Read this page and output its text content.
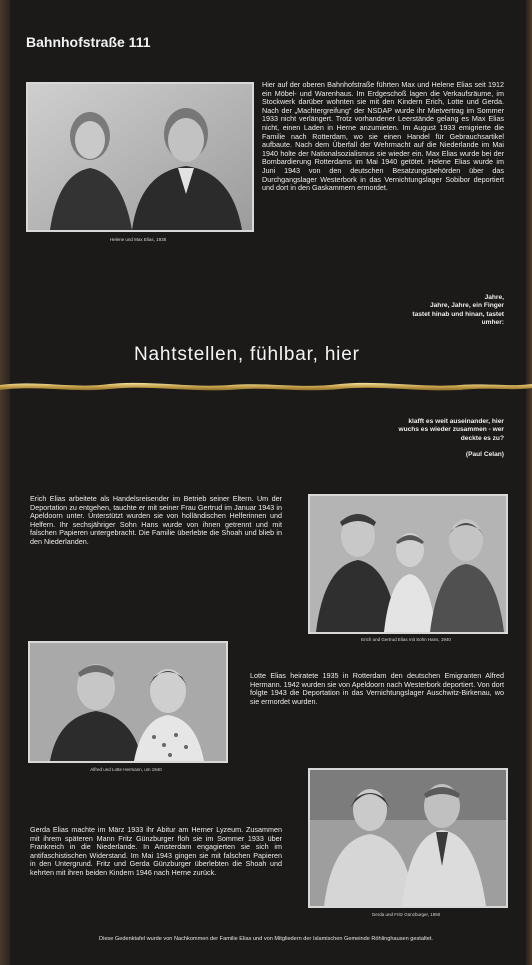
Bahnhofstraße 111
Helene und Max Elias, 1938
Hier auf der oberen Bahnhofstraße führten Max und Helene Elias seit 1912 ein Möbel- und Warenhaus. Im Erdgeschoß lagen die Verkaufsräume, im Stockwerk darüber wohnten sie mit den Kindern Erich, Lotte und Gerda. Nach der „Machtergreifung“ der NSDAP wurde ihr Mietvertrag im Sommer 1933 nicht verlängert. Trotz vorhandener Leerstände gelang es Max Elias nicht, einen Laden in Herne anzumieten. Im August 1933 emigrierte die Familie nach Rotterdam, wo sie einen Handel für Gebrauchsartikel aufbaute. Nach dem Überfall der Wehrmacht auf die Niederlande im Mai 1940 holte der Nationalsozialismus sie wieder ein. Max Elias wurde bei der Bombardierung Rotterdams im Mai 1940 getötet. Helene Elias wurde im Juni 1943 von den deutschen Besatzungsbehörden über das Durchgangslager Westerbork in das Vernichtungslager Sobibor deportiert und dort in den Gaskammern ermordet.
Jahre,
Jahre, Jahre, ein Finger
tastet hinab und hinan, tastet
umher:
Nahtstellen, fühlbar, hier
klafft es weit auseinander, hier
wuchs es wieder zusammen - wer
deckte es zu?
(Paul Celan)
Erich Elias arbeitete als Handelsreisender im Betrieb seiner Eltern. Um der Deportation zu entgehen, tauchte er mit seiner Frau Gertrud im Januar 1943 in Apeldoorn unter. Unterstützt wurden sie von holländischen Helferinnen und Helfern. Ihr sechsjähriger Sohn Hans wurde von ihnen getrennt und mit falschen Papieren untergebracht. Die Familie überlebte die Shoah und blieb in den Niederlanden.
Erich und Gertrud Elias mit Sohn Hans, 1940
Alfred und Lotte Hermann, um 1940
Lotte Elias heiratete 1935 in Rotterdam den deutschen Emigranten Alfred Hermann. 1942 wurden sie von Apeldoorn nach Westerbork deportiert. Von dort folgte 1943 die Deportation in das Vernichtungslager Auschwitz-Birkenau, wo sie ermordet wurden.
Gerda Elias machte im März 1933 ihr Abitur am Herner Lyzeum. Zusammen mit ihrem späteren Mann Fritz Günzburger floh sie im Sommer 1933 über Frankreich in die Niederlande. In Amsterdam engagierten sie sich im antifaschistischen Widerstand. Im Mai 1943 gingen sie mit falschen Papieren in den Untergrund. Fritz und Gerda Günzburger überlebten die Shoah und kehrten mit ihren beiden Kindern 1946 nach Herne zurück.
Gerda und Fritz Günzburger, 1950
Diese Gedenktafel wurde von Nachkommen der Familie Elias und von Mitgliedern der Islamischen Gemeinde Röhlinghausen gestaltet.
